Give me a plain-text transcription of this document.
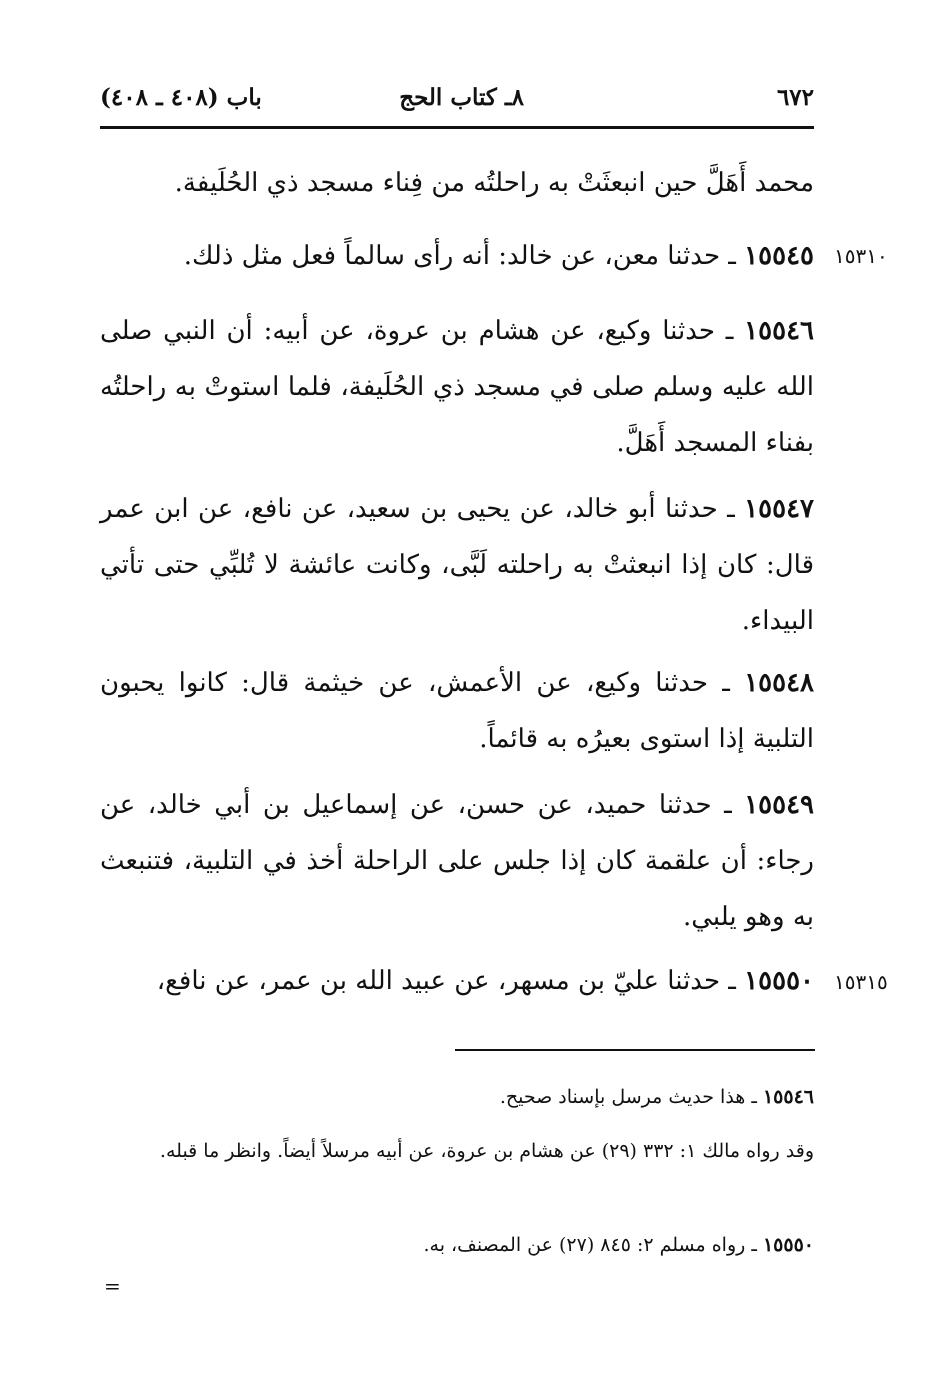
٦٧٢
٨ـ كتاب الحج
باب (٤٠٨ ـ ٤٠٨)
محمد أَهَلَّ حين انبعثَتْ به راحلتُه من فِناء مسجد ذي الحُلَيفة.
١٥٣١٠
١٥٥٤٥ ـ حدثنا معن، عن خالد: أنه رأى سالماً فعل مثل ذلك.
١٥٥٤٦ ـ حدثنا وكيع، عن هشام بن عروة، عن أبيه: أن النبي صلى الله عليه وسلم صلى في مسجد ذي الحُلَيفة، فلما استوتْ به راحلتُه بفناء المسجد أَهَلَّ.
١٥٥٤٧ ـ حدثنا أبو خالد، عن يحيى بن سعيد، عن نافع، عن ابن عمر قال: كان إذا انبعثتْ به راحلته لَبَّى، وكانت عائشة لا تُلبِّي حتى تأتي البيداء.
١٥٥٤٨ ـ حدثنا وكيع، عن الأعمش، عن خيثمة قال: كانوا يحبون التلبية إذا استوى بعيرُه به قائماً.
١٥٥٤٩ ـ حدثنا حميد، عن حسن، عن إسماعيل بن أبي خالد، عن رجاء: أن علقمة كان إذا جلس على الراحلة أخذ في التلبية، فتنبعث به وهو يلبي.
١٥٣١٥
١٥٥٥٠ ـ حدثنا عليّ بن مسهر، عن عبيد الله بن عمر، عن نافع،
١٥٥٤٦ ـ هذا حديث مرسل بإسناد صحيح.
وقد رواه مالك ١: ٣٣٢ (٢٩) عن هشام بن عروة، عن أبيه مرسلاً أيضاً. وانظر ما قبله.
١٥٥٥٠ ـ رواه مسلم ٢: ٨٤٥ (٢٧) عن المصنف، به.
=
